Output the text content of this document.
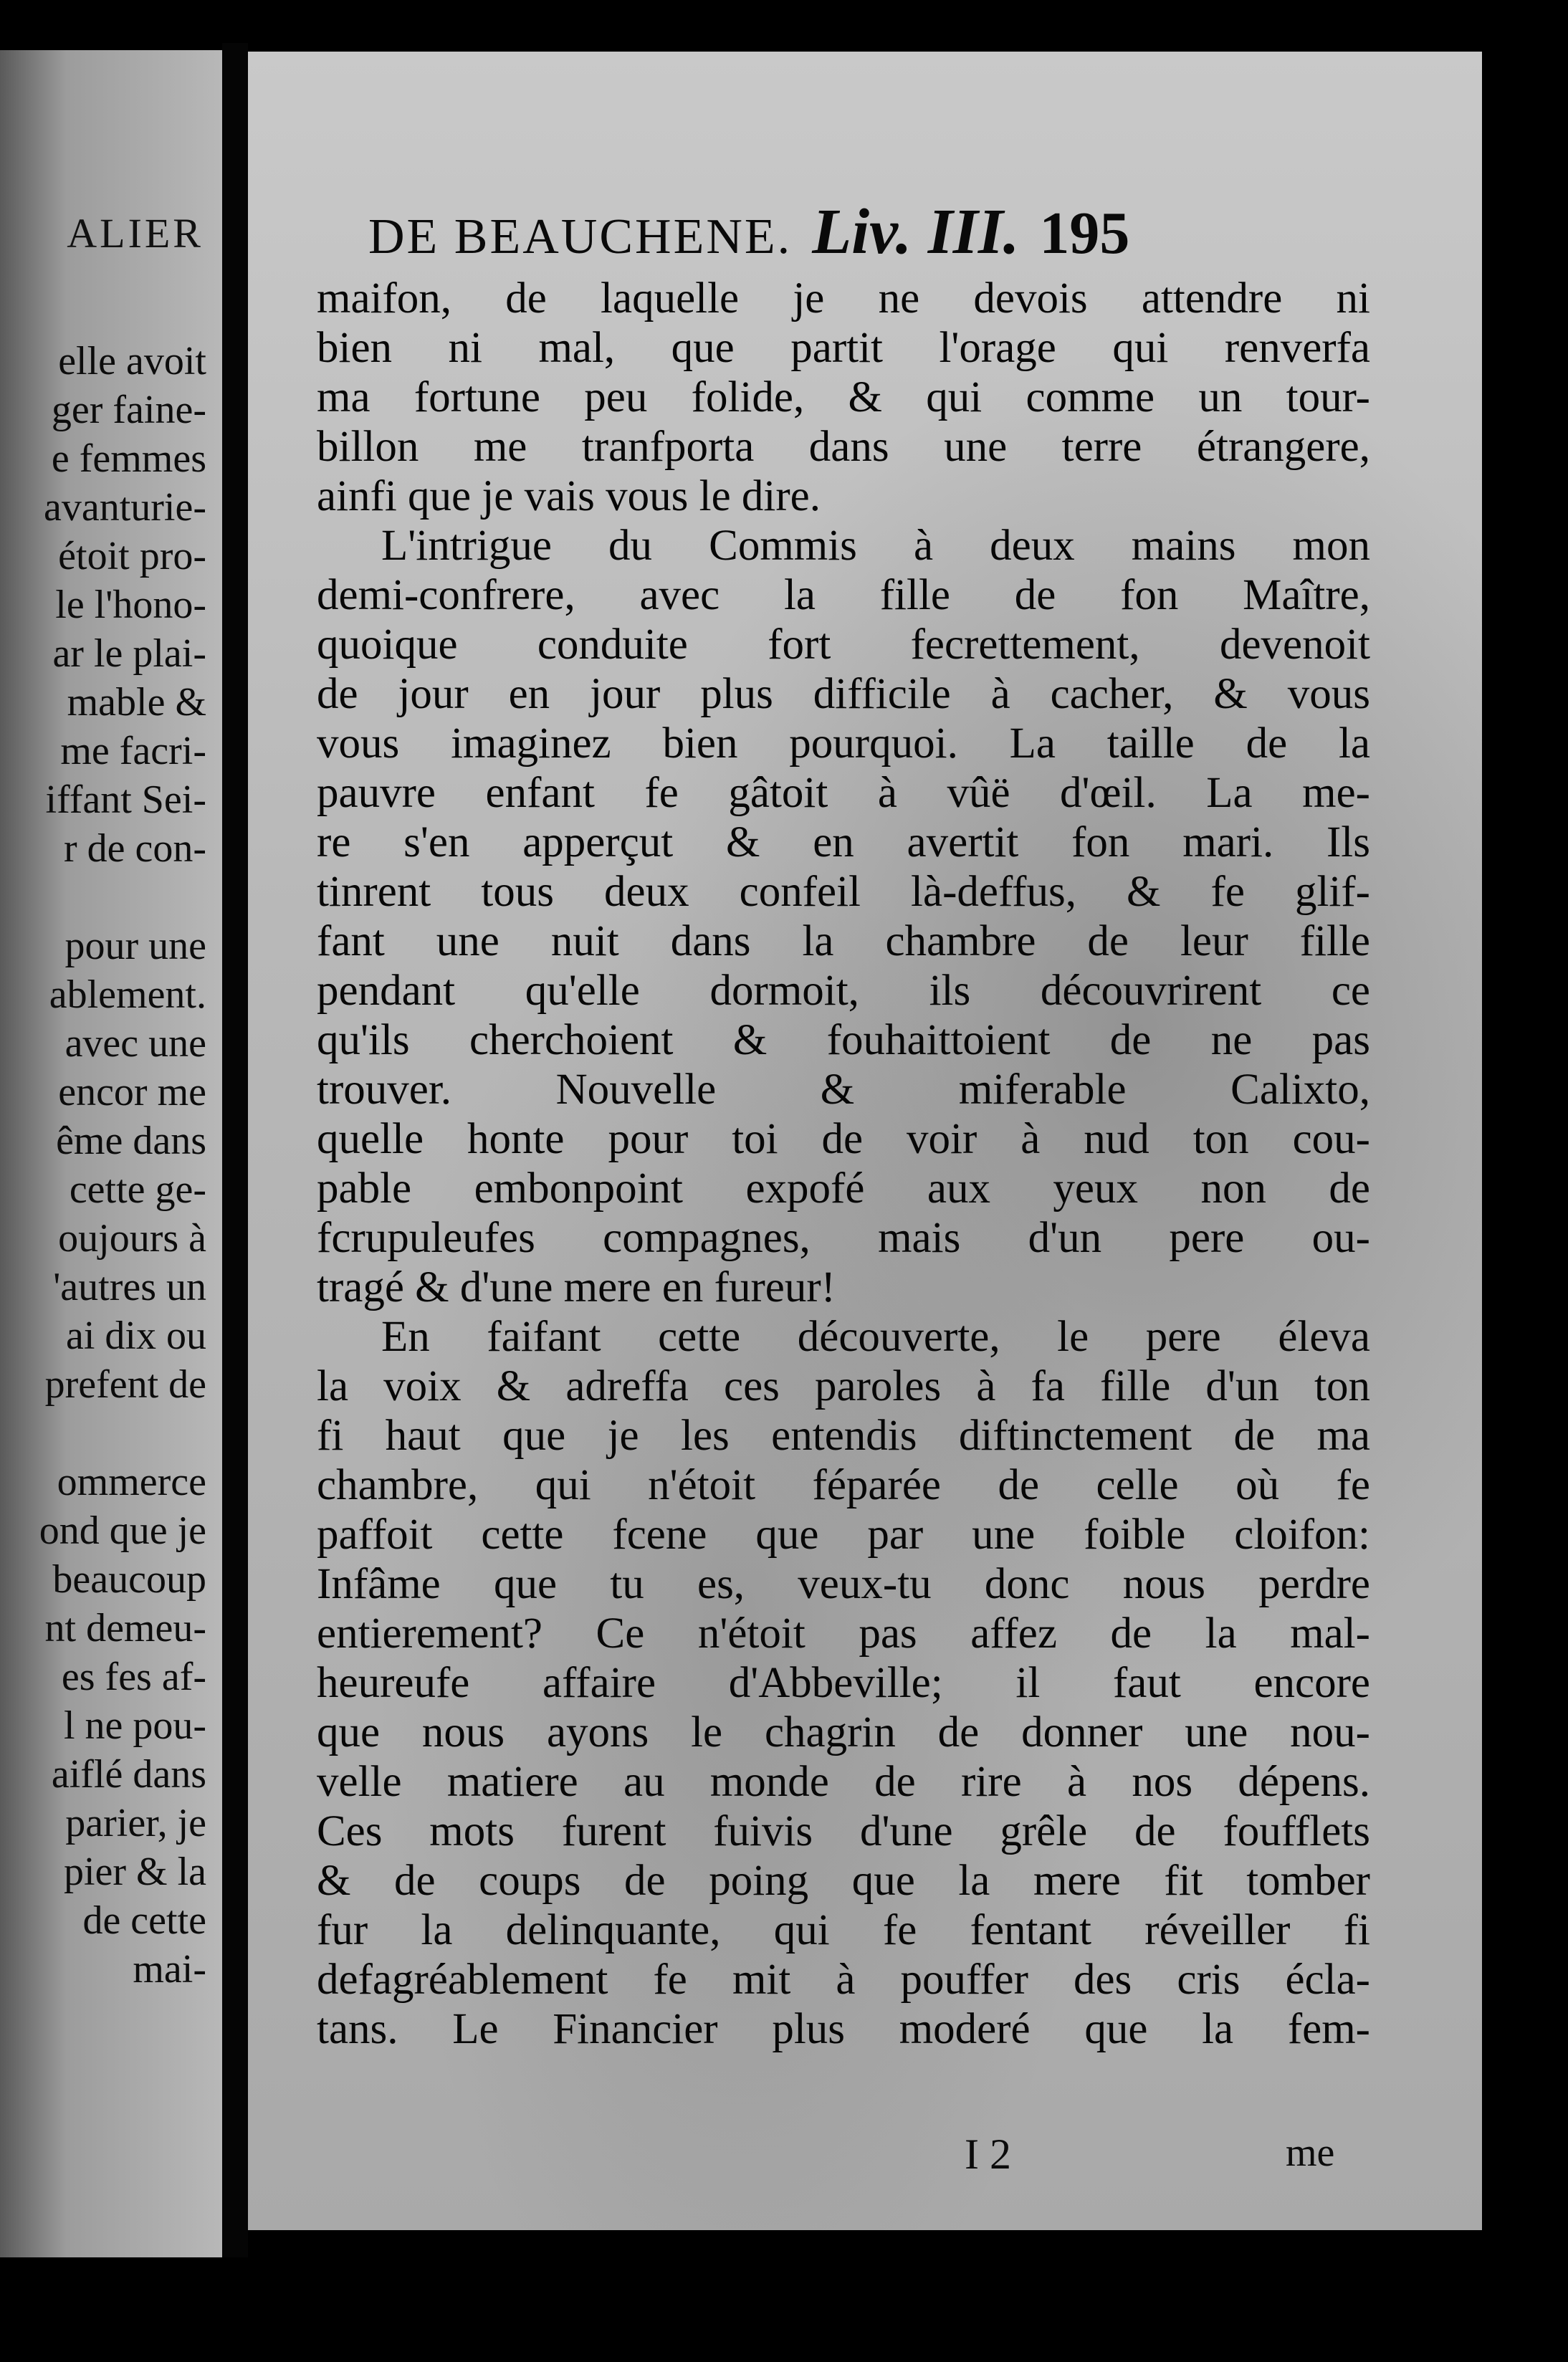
ALIER
elle avoit
ger faine-
e femmes
avanturie-
étoit pro-
le l'hono-
ar le plai-
mable &
me facri-
iffant Sei-
r de con-

pour une
ablement.
avec une
encor me
ême dans
cette ge-
oujours à
'autres un
ai dix ou
prefent de

ommerce
ond que je
beaucoup
nt demeu-
es fes af-
l ne pou-
aiflé dans
parier, je
pier & la
de cette
mai-
DE BEAUCHENE. Liv. III. 195
maifon, de laquelle je ne devois attendre ni
bien ni mal, que partit l'orage qui renverfa
ma fortune peu folide, & qui comme un tour-
billon me tranfporta dans une terre étrangere,
ainfi que je vais vous le dire.
L'intrigue du Commis à deux mains mon
demi-confrere, avec la fille de fon Maître,
quoique conduite fort fecrettement, devenoit
de jour en jour plus difficile à cacher, & vous
vous imaginez bien pourquoi. La taille de la
pauvre enfant fe gâtoit à vûë d'œil. La me-
re s'en apperçut & en avertit fon mari. Ils
tinrent tous deux confeil là-deffus, & fe glif-
fant une nuit dans la chambre de leur fille
pendant qu'elle dormoit, ils découvrirent ce
qu'ils cherchoient & fouhaittoient de ne pas
trouver. Nouvelle & miferable Calixto,
quelle honte pour toi de voir à nud ton cou-
pable embonpoint expofé aux yeux non de
fcrupuleufes compagnes, mais d'un pere ou-
tragé & d'une mere en fureur!
En faifant cette découverte, le pere éleva
la voix & adreffa ces paroles à fa fille d'un ton
fi haut que je les entendis diftinctement de ma
chambre, qui n'étoit féparée de celle où fe
paffoit cette fcene que par une foible cloifon:
Infâme que tu es, veux-tu donc nous perdre
entierement? Ce n'étoit pas affez de la mal-
heureufe affaire d'Abbeville; il faut encore
que nous ayons le chagrin de donner une nou-
velle matiere au monde de rire à nos dépens.
Ces mots furent fuivis d'une grêle de foufflets
& de coups de poing que la mere fit tomber
fur la delinquante, qui fe fentant réveiller fi
defagréablement fe mit à pouffer des cris écla-
tans. Le Financier plus moderé que la fem-
I 2	me
